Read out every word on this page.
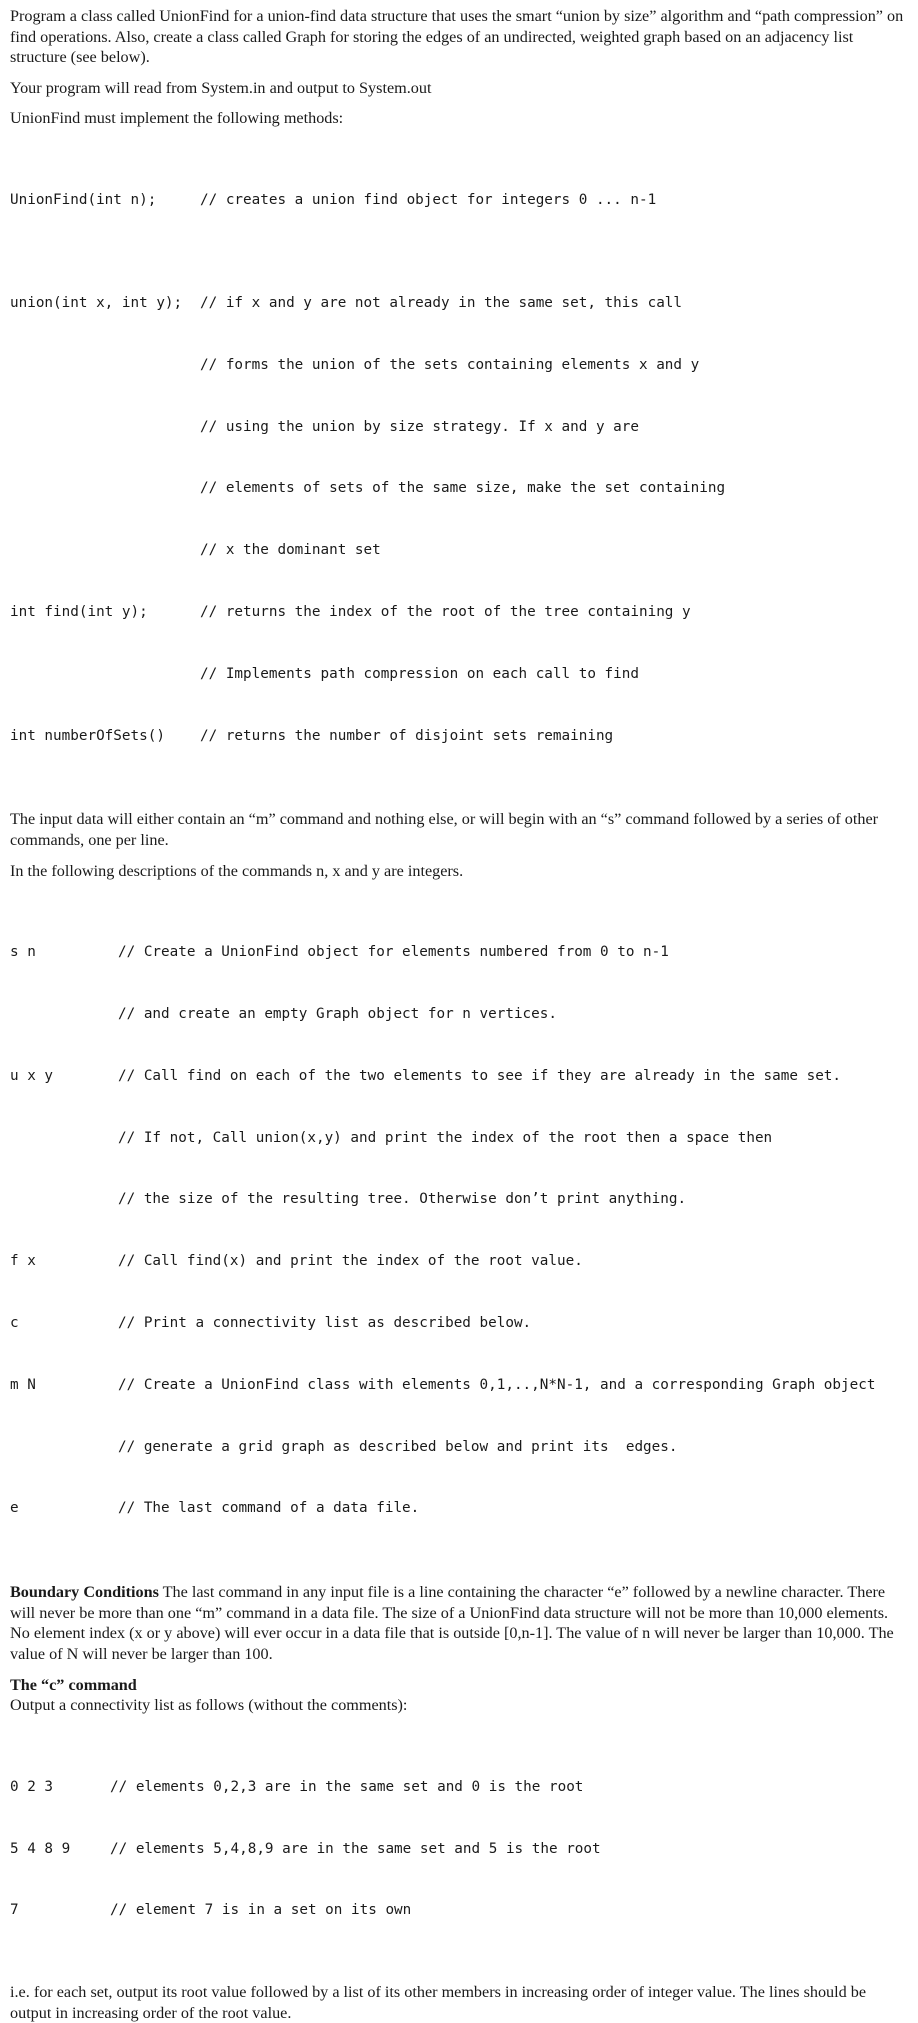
Program a class called UnionFind for a union-find data structure that uses the smart “union by size” algorithm and “path compression” on find operations. Also, create a class called Graph for storing the edges of an undirected, weighted graph based on an adjacency list structure (see below).

Your program will read from System.in and output to System.out

UnionFind must implement the following methods:

UnionFind(int n);	// creates a union find object for integers 0 ... n-1

union(int x, int y);	// if x and y are not already in the same set, this call

// forms the union of the sets containing elements x and y

// using the union by size strategy. If x and y are

// elements of sets of the same size, make the set containing

// x the dominant set

int find(int y);	// returns the index of the root of the tree containing y

// Implements path compression on each call to find

int numberOfSets()	// returns the number of disjoint sets remaining

The input data will either contain an “m” command and nothing else, or will begin with an “s” command followed by a series of other commands, one per line.

In the following descriptions of the commands n, x and y are integers.

s n	// Create a UnionFind object for elements numbered from 0 to n-1

// and create an empty Graph object for n vertices.

u x y	// Call find on each of the two elements to see if they are already in the same set.

// If not, Call union(x,y) and print the index of the root then a space then

// the size of the resulting tree. Otherwise don’t print anything.

f x	// Call find(x) and print the index of the root value.

c	// Print a connectivity list as described below.

m N	// Create a UnionFind class with elements 0,1,..,N*N-1, and a corresponding Graph object

// generate a grid graph as described below and print its  edges.

e	// The last command of a data file.

Boundary Conditions The last command in any input file is a line containing the character “e” followed by a newline character. There will never be more than one “m” command in a data file. The size of a UnionFind data structure will not be more than 10,000 elements. No element index (x or y above) will ever occur in a data file that is outside [0,n-1]. The value of n will never be larger than 10,000. The value of N will never be larger than 100.

The “c” command

Output a connectivity list as follows (without the comments):

0 2 3	// elements 0,2,3 are in the same set and 0 is the root

5 4 8 9	// elements 5,4,8,9 are in the same set and 5 is the root

7	// element 7 is in a set on its own

i.e. for each set, output its root value followed by a list of its other members in increasing order of integer value. The lines should be output in increasing order of the root value.
